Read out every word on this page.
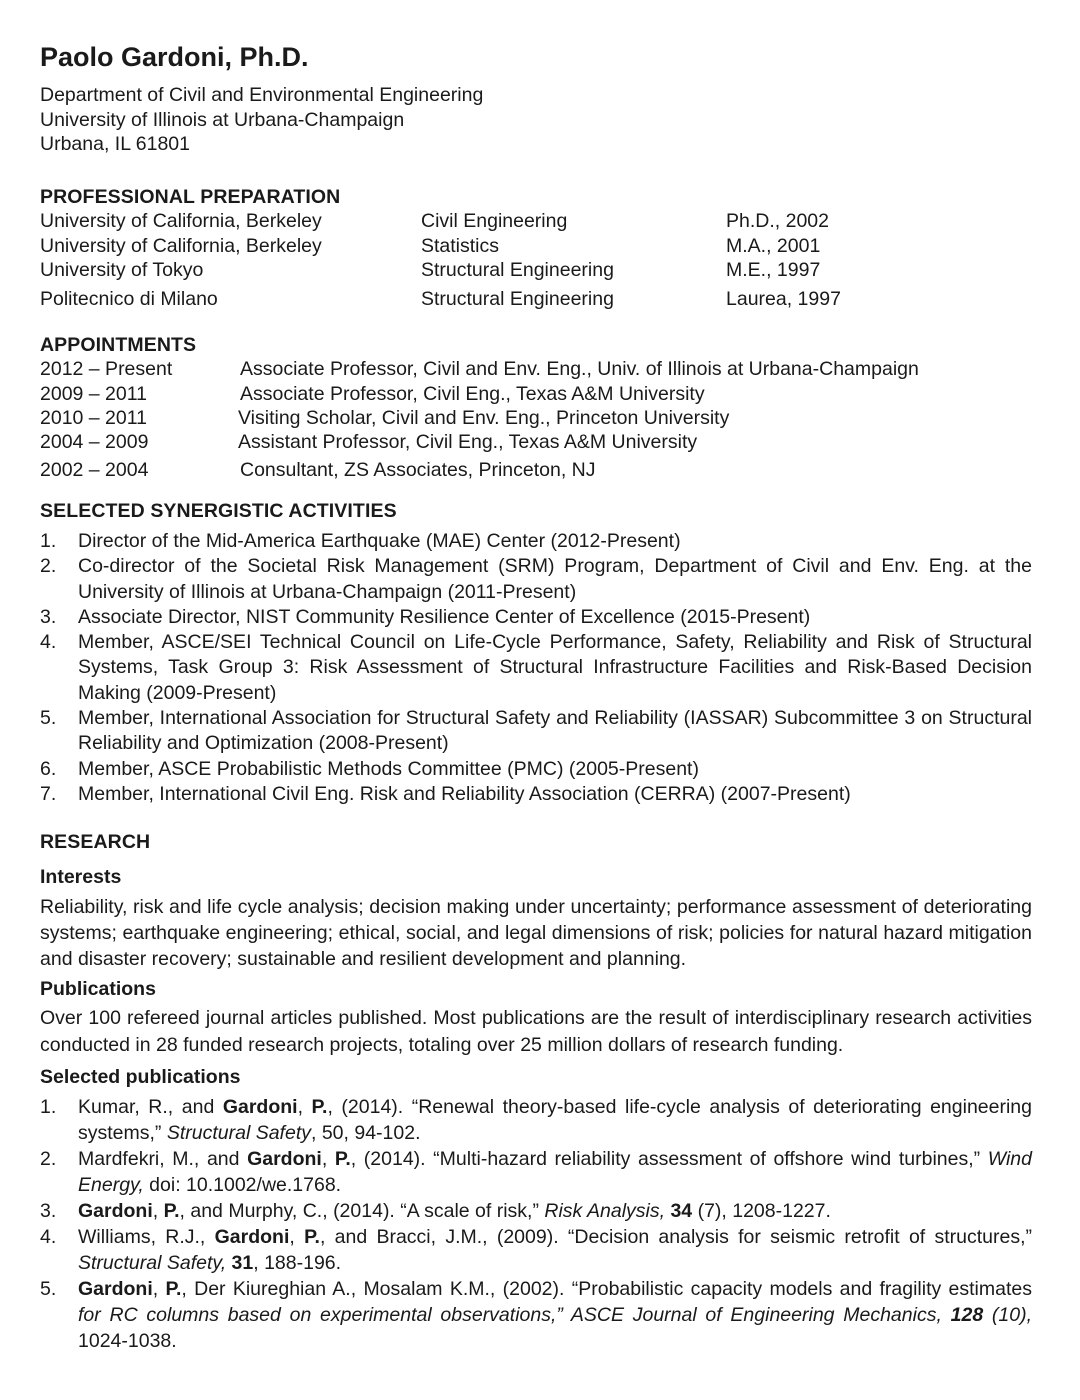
Paolo Gardoni, Ph.D.
Department of Civil and Environmental Engineering
University of Illinois at Urbana-Champaign
Urbana, IL 61801
PROFESSIONAL PREPARATION
University of California, Berkeley	Civil Engineering	Ph.D., 2002
University of California, Berkeley	Statistics	M.A., 2001
University of Tokyo	Structural Engineering	M.E., 1997
Politecnico di Milano	Structural Engineering	Laurea, 1997
APPOINTMENTS
2012 – Present	Associate Professor, Civil and Env. Eng., Univ. of Illinois at Urbana-Champaign
2009 – 2011	Associate Professor, Civil Eng., Texas A&M University
2010 – 2011	Visiting Scholar, Civil and Env. Eng., Princeton University
2004 – 2009	Assistant Professor, Civil Eng., Texas A&M University
2002 – 2004	Consultant, ZS Associates, Princeton, NJ
SELECTED SYNERGISTIC ACTIVITIES
1. Director of the Mid-America Earthquake (MAE) Center (2012-Present)
2. Co-director of the Societal Risk Management (SRM) Program, Department of Civil and Env. Eng. at the University of Illinois at Urbana-Champaign (2011-Present)
3. Associate Director, NIST Community Resilience Center of Excellence (2015-Present)
4. Member, ASCE/SEI Technical Council on Life-Cycle Performance, Safety, Reliability and Risk of Structural Systems, Task Group 3: Risk Assessment of Structural Infrastructure Facilities and Risk-Based Decision Making (2009-Present)
5. Member, International Association for Structural Safety and Reliability (IASSAR) Subcommittee 3 on Structural Reliability and Optimization (2008-Present)
6. Member, ASCE Probabilistic Methods Committee (PMC) (2005-Present)
7. Member, International Civil Eng. Risk and Reliability Association (CERRA) (2007-Present)
RESEARCH
Interests

Reliability, risk and life cycle analysis; decision making under uncertainty; performance assessment of deteriorating systems; earthquake engineering; ethical, social, and legal dimensions of risk; policies for natural hazard mitigation and disaster recovery; sustainable and resilient development and planning.

Publications

Over 100 refereed journal articles published. Most publications are the result of interdisciplinary research activities conducted in 28 funded research projects, totaling over 25 million dollars of research funding.

Selected publications
1. Kumar, R., and Gardoni, P., (2014). “Renewal theory-based life-cycle analysis of deteriorating engineering systems,” Structural Safety, 50, 94-102.
2. Mardfekri, M., and Gardoni, P., (2014). “Multi-hazard reliability assessment of offshore wind turbines,” Wind Energy, doi: 10.1002/we.1768.
3. Gardoni, P., and Murphy, C., (2014). “A scale of risk,” Risk Analysis, 34 (7), 1208-1227.
4. Williams, R.J., Gardoni, P., and Bracci, J.M., (2009). “Decision analysis for seismic retrofit of structures,” Structural Safety, 31, 188-196.
5. Gardoni, P., Der Kiureghian A., Mosalam K.M., (2002). “Probabilistic capacity models and fragility estimates for RC columns based on experimental observations,” ASCE Journal of Engineering Mechanics, 128 (10), 1024-1038.
